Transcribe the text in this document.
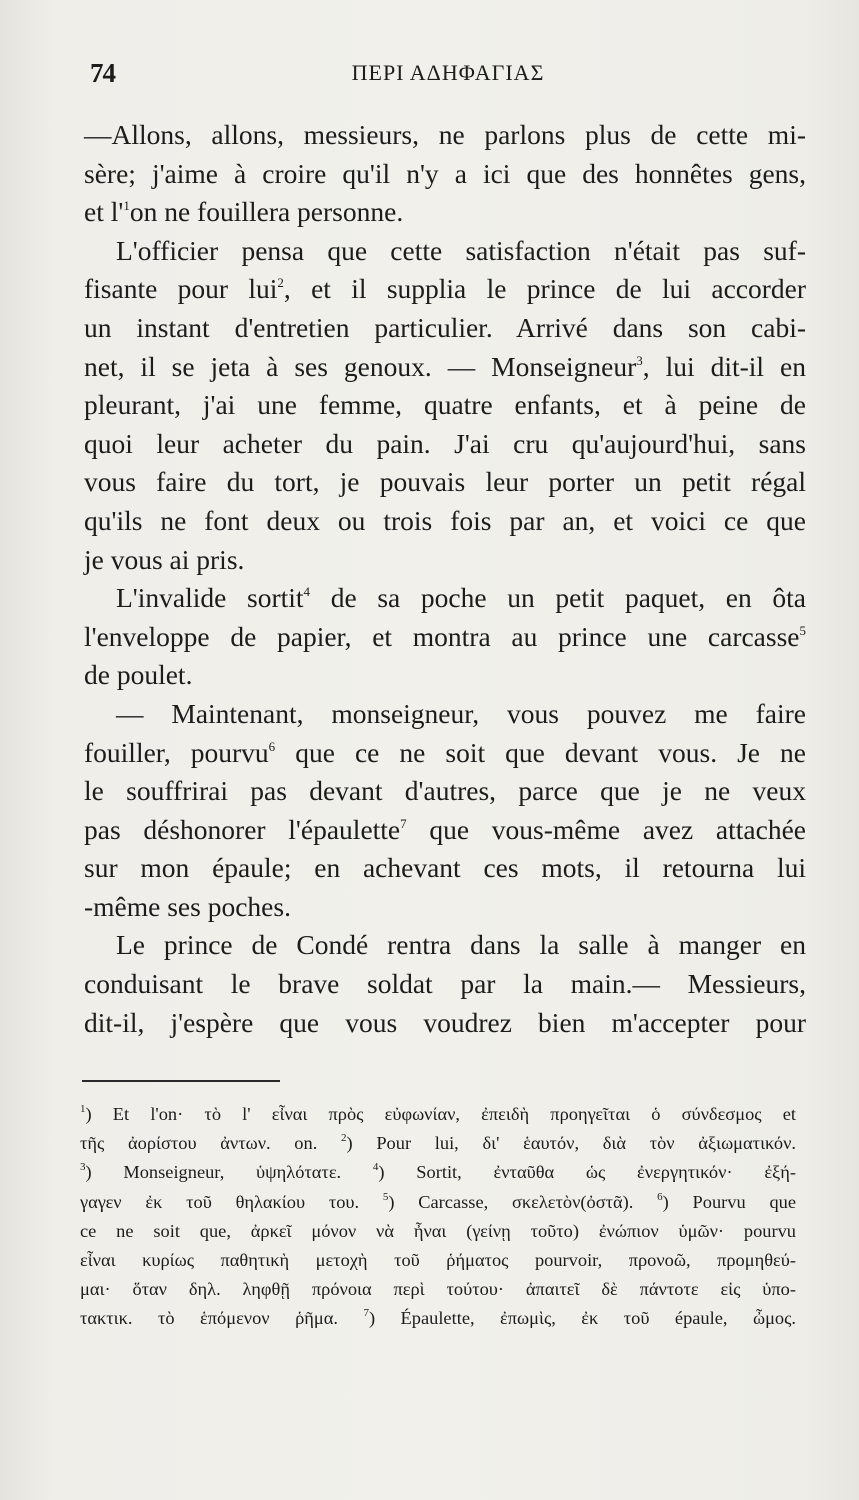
74	ΠΕΡΙ ΑΔΗΦΑΓΙΑΣ
—Allons, allons, messieurs, ne parlons plus de cette mi-
sère; j'aime à croire qu'il n'y a ici que des honnêtes gens,
et $l'^1on$ ne fouillera personne.
L'officier pensa que cette satisfaction n'était pas suf-
fisante pour lui$^2$, et il supplia le prince de lui accorder
un instant d'entretien particulier. Arrivé dans son cabi-
net, il se jeta à ses genoux. — Monseigneur$^3$, lui dit-il en
pleurant, j'ai une femme, quatre enfants, et à peine de
quoi leur acheter du pain. J'ai cru qu'aujourd'hui, sans
vous faire du tort, je pouvais leur porter un petit régal
qu'ils ne font deux ou trois fois par an, et voici ce que
je vous ai pris.
L'invalide sortit$^4$ de sa poche un petit paquet, en ôta
l'enveloppe de papier, et montra au prince une carcasse$^5$
de poulet.
— Maintenant, monseigneur, vous pouvez me faire
fouiller, pourvu$^6$ que ce ne soit que devant vous. Je ne
le souffrirai pas devant d'autres, parce que je ne veux
pas déshonorer l'épaulette$^7$ que vous-même avez attachée
sur mon épaule; en achevant ces mots, il retourna lui
-même ses poches.
Le prince de Condé rentra dans la salle à manger en
conduisant le brave soldat par la main.— Messieurs,
dit-il, j'espère que vous voudrez bien m'accepter pour
$^1$) Et l'on· τὸ l' εἶναι πρὸς εὐφωνίαν, ἐπειδὴ προηγεῖται ὁ σύνδεσμος et
τῆς ἀορίστου ἀντων. on. $^2$) Pour lui, δι' ἑαυτόν, διὰ τὸν ἀξιωματικόν.
$^3$) Monseigneur, ὑψηλότατε.	$^4$) Sortit, ἐνταῦθα ὡς ἐνεργητικόν· ἐξή-
γαγεν ἐκ τοῦ θηλακίου του. $^5$) Carcasse, σκελετὸν(ὀστᾶ). $^6$) Pourvu que
ce ne soit que, ἀρκεῖ μόνον νὰ ἦναι (γείνῃ τοῦτο) ἐνώπιον ὑμῶν· pourvu
εἶναι κυρίως παθητικὴ μετοχὴ τοῦ ῥήματος pourvoir, προνοῶ, προμηθεύ-
μαι· ὅταν δηλ. ληφθῇ πρόνοια περὶ τούτου· ἀπαιτεῖ δὲ πάντοτε εἰς ὑπο-
τακτικ. τὸ ἑπόμενον ῥῆμα. $^7$) Épaulette, ἐπωμὶς, ἐκ τοῦ épaule, ὦμος.
